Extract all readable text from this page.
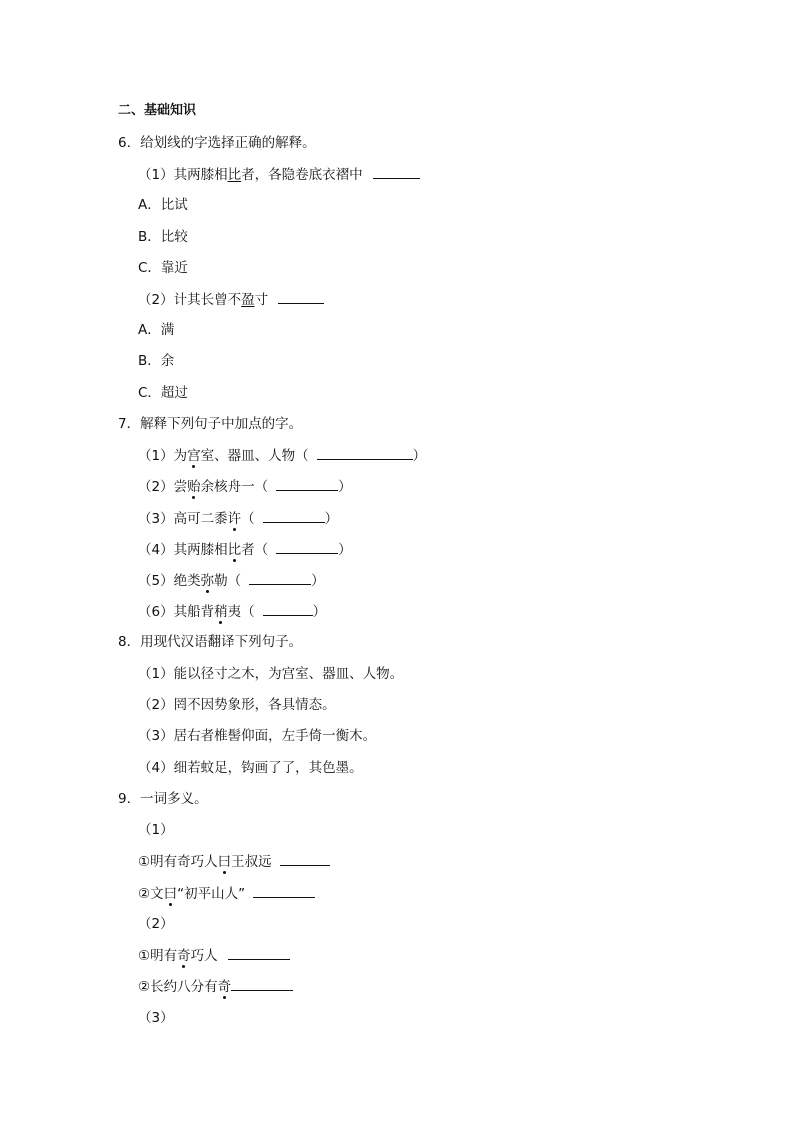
二、基础知识
6．给划线的字选择正确的解释。
（1）其两膝相比者，各隐卷底衣褶中
A．比试
B．比较
C．靠近
（2）计其长曾不盈寸
A．满
B．余
C．超过
7．解释下列句子中加点的字。
（1）为宫室、器皿、人物（	）
（2）尝贻余核舟一（	）
（3）高可二黍许（	）
（4）其两膝相比者（	）
（5）绝类弥勒（	）
（6）其船背稍夷（	）
8．用现代汉语翻译下列句子。
（1）能以径寸之木，为宫室、器皿、人物。
（2）罔不因势象形，各具情态。
（3）居右者椎髻仰面，左手倚一衡木。
（4）细若蚊足，钩画了了，其色墨。
9．一词多义。
（1）
①明有奇巧人曰王叔远
②文曰“初平山人”
（2）
①明有奇巧人
②长约八分有奇
（3）
